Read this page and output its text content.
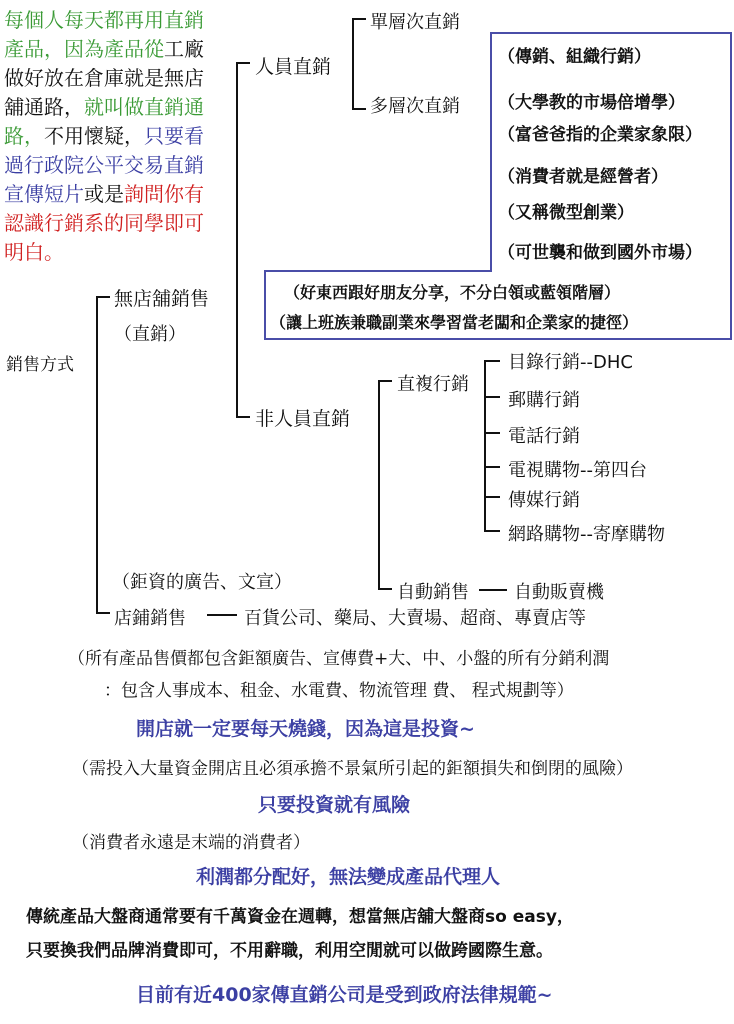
每個人每天都再用直銷產品，因為產品從工廠做好放在倉庫就是無店舖通路，就叫做直銷通路，不用懷疑，只要看過行政院公平交易直銷宣傳短片或是詢問你有認識行銷系的同學即可明白。
銷售方式
無店舖銷售
（直銷）
人員直銷
單層次直銷
多層次直銷
（傳銷、組織行銷）
（大學教的市場倍增學）
（富爸爸指的企業家象限）
（消費者就是經營者）
（又稱微型創業）
（可世襲和做到國外市場）
（好東西跟好朋友分享，不分白領或藍領階層）
（讓上班族兼職副業來學習當老闆和企業家的捷徑）
非人員直銷
直複行銷
目錄行銷--DHC
郵購行銷
電話行銷
電視購物--第四台
傳媒行銷
網路購物--寄摩購物
自動銷售	自動販賣機
（鉅資的廣告、文宣）
店鋪銷售	百貨公司、藥局、大賣場、超商、專賣店等
（所有產品售價都包含鉅額廣告、宣傳費+大、中、小盤的所有分銷利潤
：包含人事成本、租金、水電費、物流管理 費、 程式規劃等）
開店就一定要每天燒錢，因為這是投資~
（需投入大量資金開店且必須承擔不景氣所引起的鉅額損失和倒閉的風險）
只要投資就有風險
（消費者永遠是末端的消費者）
利潤都分配好，無法變成產品代理人
傳統產品大盤商通常要有千萬資金在週轉，想當無店舖大盤商so easy，
只要換我們品牌消費即可，不用辭職，利用空閒就可以做跨國際生意。
目前有近400家傳直銷公司是受到政府法律規範~
